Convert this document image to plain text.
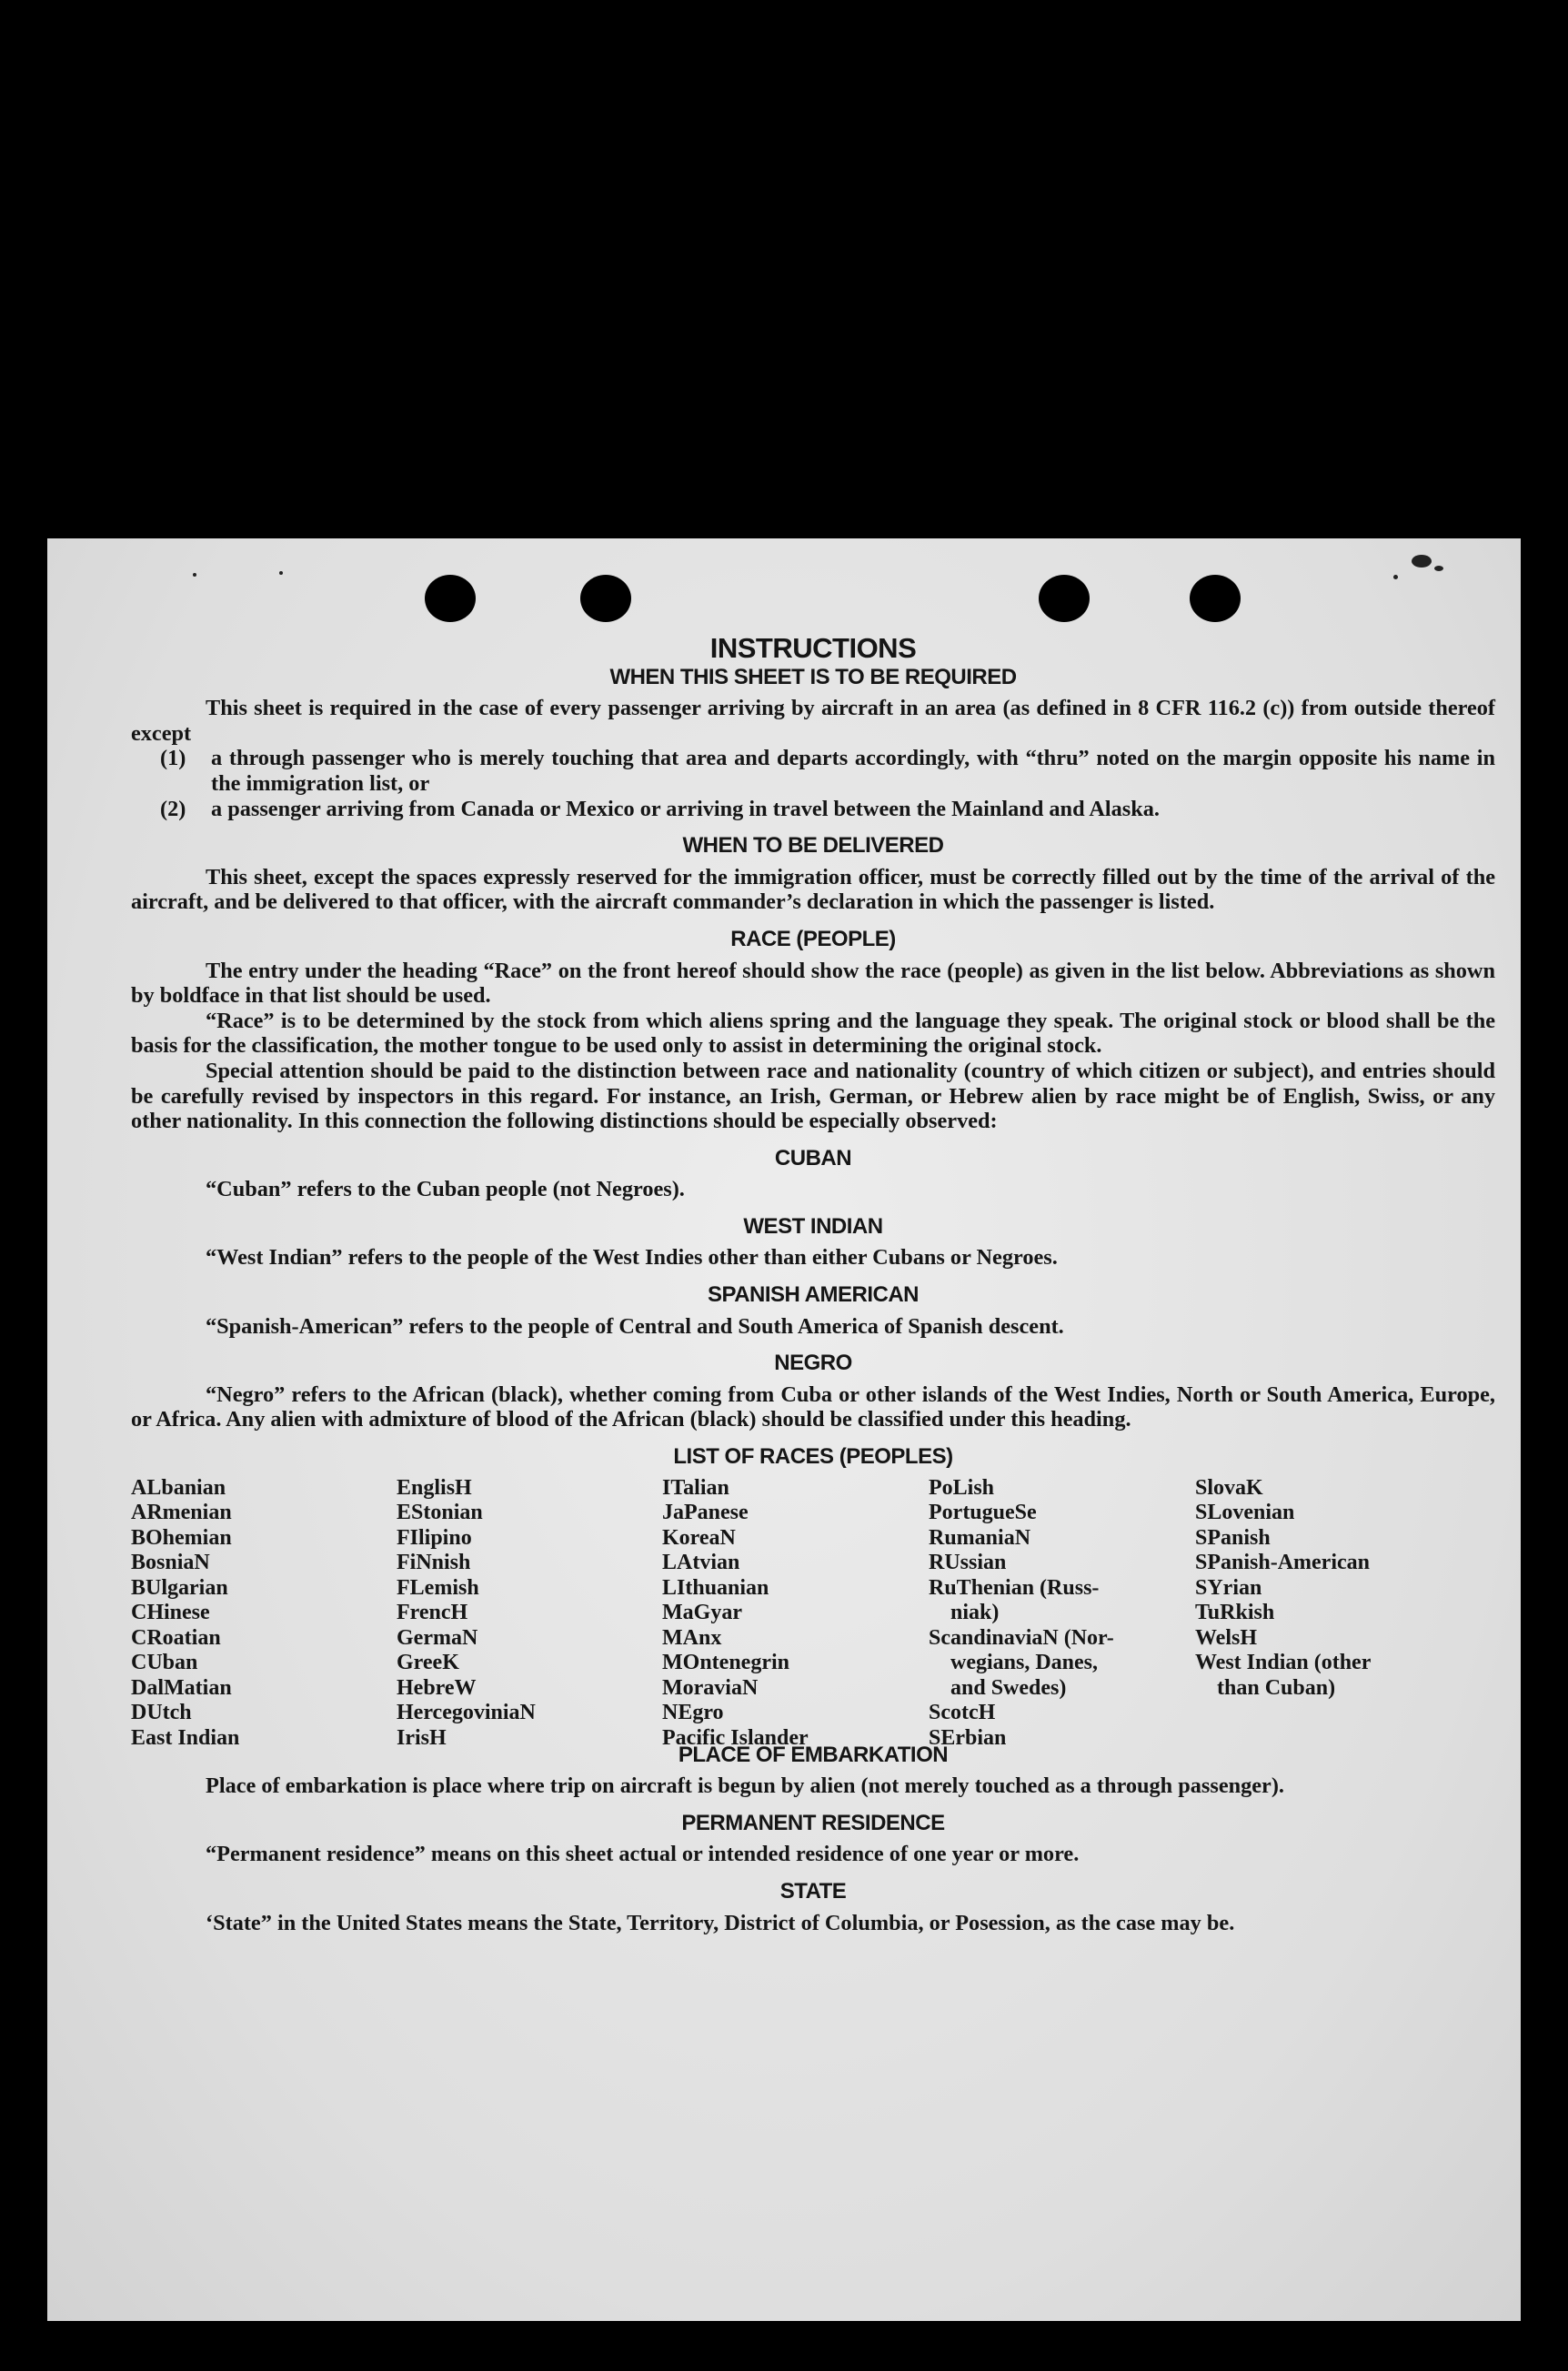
INSTRUCTIONS
WHEN THIS SHEET IS TO BE REQUIRED

This sheet is required in the case of every passenger arriving by aircraft in an area (as defined in 8 CFR 116.2 (c)) from outside thereof except

(1) a through passenger who is merely touching that area and departs accordingly, with “thru” noted on the margin opposite his name in the immigration list, or

(2) a passenger arriving from Canada or Mexico or arriving in travel between the Mainland and Alaska.

WHEN TO BE DELIVERED

This sheet, except the spaces expressly reserved for the immigration officer, must be correctly filled out by the time of the arrival of the aircraft, and be delivered to that officer, with the aircraft commander’s declaration in which the passenger is listed.

RACE (PEOPLE)

The entry under the heading “Race” on the front hereof should show the race (people) as given in the list below. Abbreviations as shown by boldface in that list should be used.

“Race” is to be determined by the stock from which aliens spring and the language they speak. The original stock or blood shall be the basis for the classification, the mother tongue to be used only to assist in determining the original stock.

Special attention should be paid to the distinction between race and nationality (country of which citizen or subject), and entries should be carefully revised by inspectors in this regard. For instance, an Irish, German, or Hebrew alien by race might be of English, Swiss, or any other nationality. In this connection the following distinctions should be especially observed:

CUBAN

“Cuban” refers to the Cuban people (not Negroes).

WEST INDIAN

“West Indian” refers to the people of the West Indies other than either Cubans or Negroes.

SPANISH AMERICAN

“Spanish-American” refers to the people of Central and South America of Spanish descent.

NEGRO

“Negro” refers to the African (black), whether coming from Cuba or other islands of the West Indies, North or South America, Europe, or Africa. Any alien with admixture of blood of the African (black) should be classified under this heading.

LIST OF RACES (PEOPLES)
ALbanian
ARmenian
BOhemian
BosniaN
BUlgarian
CHinese
CRoatian
CUban
DalMatian
DUtch
East Indian
EnglisH
EStonian
FIlipino
FiNnish
FLemish
FrencH
GermaN
GreeK
HebreW
HercegoviniaN
IrisH
ITalian
JaPanese
KoreaN
LAtvian
LIthuanian
MaGyar
MAnx
MOntenegrin
MoraviaN
NEgro
Pacific Islander
PoLish
PortugueSe
RumaniaN
RUssian
RuThenian (Russ-
niak)
ScandinaviaN (Nor-
wegians, Danes,
and Swedes)
ScotcH
SErbian
SlovaK
SLovenian
SPanish
SPanish-American
SYrian
TuRkish
WelsH
West Indian (other
than Cuban)
PLACE OF EMBARKATION

Place of embarkation is place where trip on aircraft is begun by alien (not merely touched as a through passenger).

PERMANENT RESIDENCE

“Permanent residence” means on this sheet actual or intended residence of one year or more.

STATE

‘State” in the United States means the State, Territory, District of Columbia, or Posession, as the case may be.
